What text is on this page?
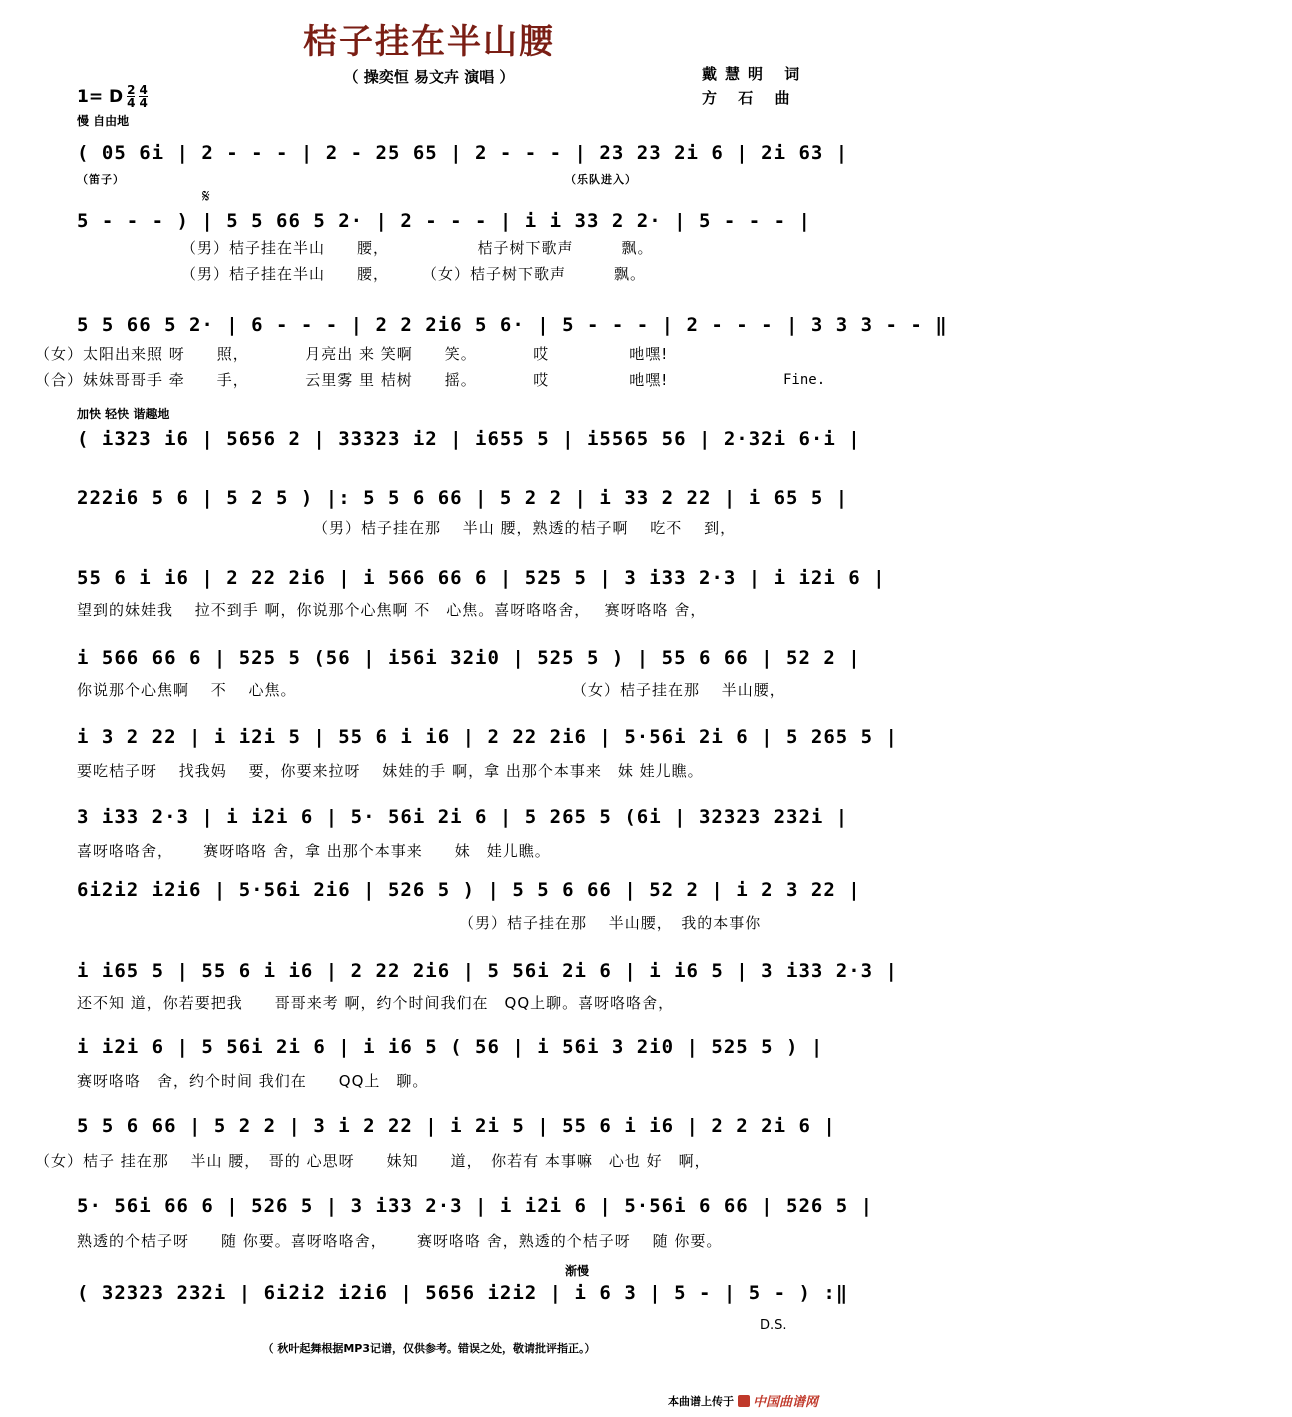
桔子挂在半山腰
（ 操奕恒 易文卉 演唱 ）	戴慧明 词
方 石 曲
1= D 2
4
4
4
慢 自由地
加快 轻快 谐趣地
渐慢
𝄋
Fine.
D.S.
( 05 6i | 2 - - - | 2 - 25 65 | 2 - - - | 23 23 2i 6 | 2i 63 |
5 - - - ) | 5 5 66 5 2· | 2 - - - | i i 33 2 2· | 5 - - - |
5 5 66 5 2· | 6 - - - | 2 2 2i6 5 6· | 5 - - - | 2 - - - | 3 3 3 - - ‖
( i323 i6 | 5656 2 | 33323 i2 | i655 5 | i5565 56 | 2·32i 6·i |
222i6 5 6 | 5 2 5 ) |: 5 5 6 66 | 5 2 2 | i 33 2 22 | i 65 5 |
55 6 i i6 | 2 22 2i6 | i 566 66 6 | 525 5 | 3 i33 2·3 | i i2i 6 |
i 566 66 6 | 525 5 (56 | i56i 32i0 | 525 5 ) | 55 6 66 | 52 2 |
i 3 2 22 | i i2i 5 | 55 6 i i6 | 2 22 2i6 | 5·56i 2i 6 | 5 265 5 |
3 i33 2·3 | i i2i 6 | 5· 56i 2i 6 | 5 265 5 (6i | 32323 232i |
6i2i2 i2i6 | 5·56i 2i6 | 526 5 ) | 5 5 6 66 | 52 2 | i 2 3 22 |
i i65 5 | 55 6 i i6 | 2 22 2i6 | 5 56i 2i 6 | i i6 5 | 3 i33 2·3 |
i i2i 6 | 5 56i 2i 6 | i i6 5 ( 56 | i 56i 3 2i0 | 525 5 ) |
5 5 6 66 | 5 2 2 | 3 i 2 22 | i 2i 5 | 55 6 i i6 | 2 2 2i 6 |
5· 56i 66 6 | 526 5 | 3 i33 2·3 | i i2i 6 | 5·56i 6 66 | 526 5 |
( 32323 232i | 6i2i2 i2i6 | 5656 i2i2 | i 6 3 | 5 - | 5 - ) :‖
（笛子）	（乐队进入）
（男）桔子挂在半山　　腰，　　　　　　桔子树下歌声　　　飘。
（男）桔子挂在半山　　腰，　　　（女）桔子树下歌声　　　飘。
（女）太阳出来照 呀　　照，　　　　月亮出 来 笑啊　　笑。　　　　哎　　　　　吔嘿!
（合）妹妹哥哥手 牵　　手，　　　　云里雾 里 桔树　　摇。　　　　哎　　　　　吔嘿!
（男）桔子挂在那　 半山 腰，熟透的桔子啊　 吃不　 到，
望到的妹娃我　 拉不到手 啊，你说那个心焦啊 不　心焦。喜呀咯咯舍，　 赛呀咯咯 舍，
你说那个心焦啊　 不　 心焦。	（女）桔子挂在那　 半山腰，
要吃桔子呀　 找我妈　 要，你要来拉呀　 妹娃的手 啊，拿 出那个本事来　妹 娃儿瞧。
喜呀咯咯舍，　　 赛呀咯咯 舍，拿 出那个本事来　　妹　娃儿瞧。
（男）桔子挂在那　 半山腰，　我的本事你
还不知 道，你若要把我　　哥哥来考 啊，约个时间我们在　QQ上聊。喜呀咯咯舍，
赛呀咯咯　舍，约个时间 我们在　　QQ上　聊。
（女）桔子 挂在那　 半山 腰，　哥的 心思呀　　妹知　　道，　你若有 本事嘛　心也 好　啊，
熟透的个桔子呀　　随 你要。喜呀咯咯舍，　　 赛呀咯咯 舍，熟透的个桔子呀　 随 你要。
（ 秋叶起舞根据MP3记谱，仅供参考。错误之处，敬请批评指正。）
本曲谱上传于 中国曲谱网
